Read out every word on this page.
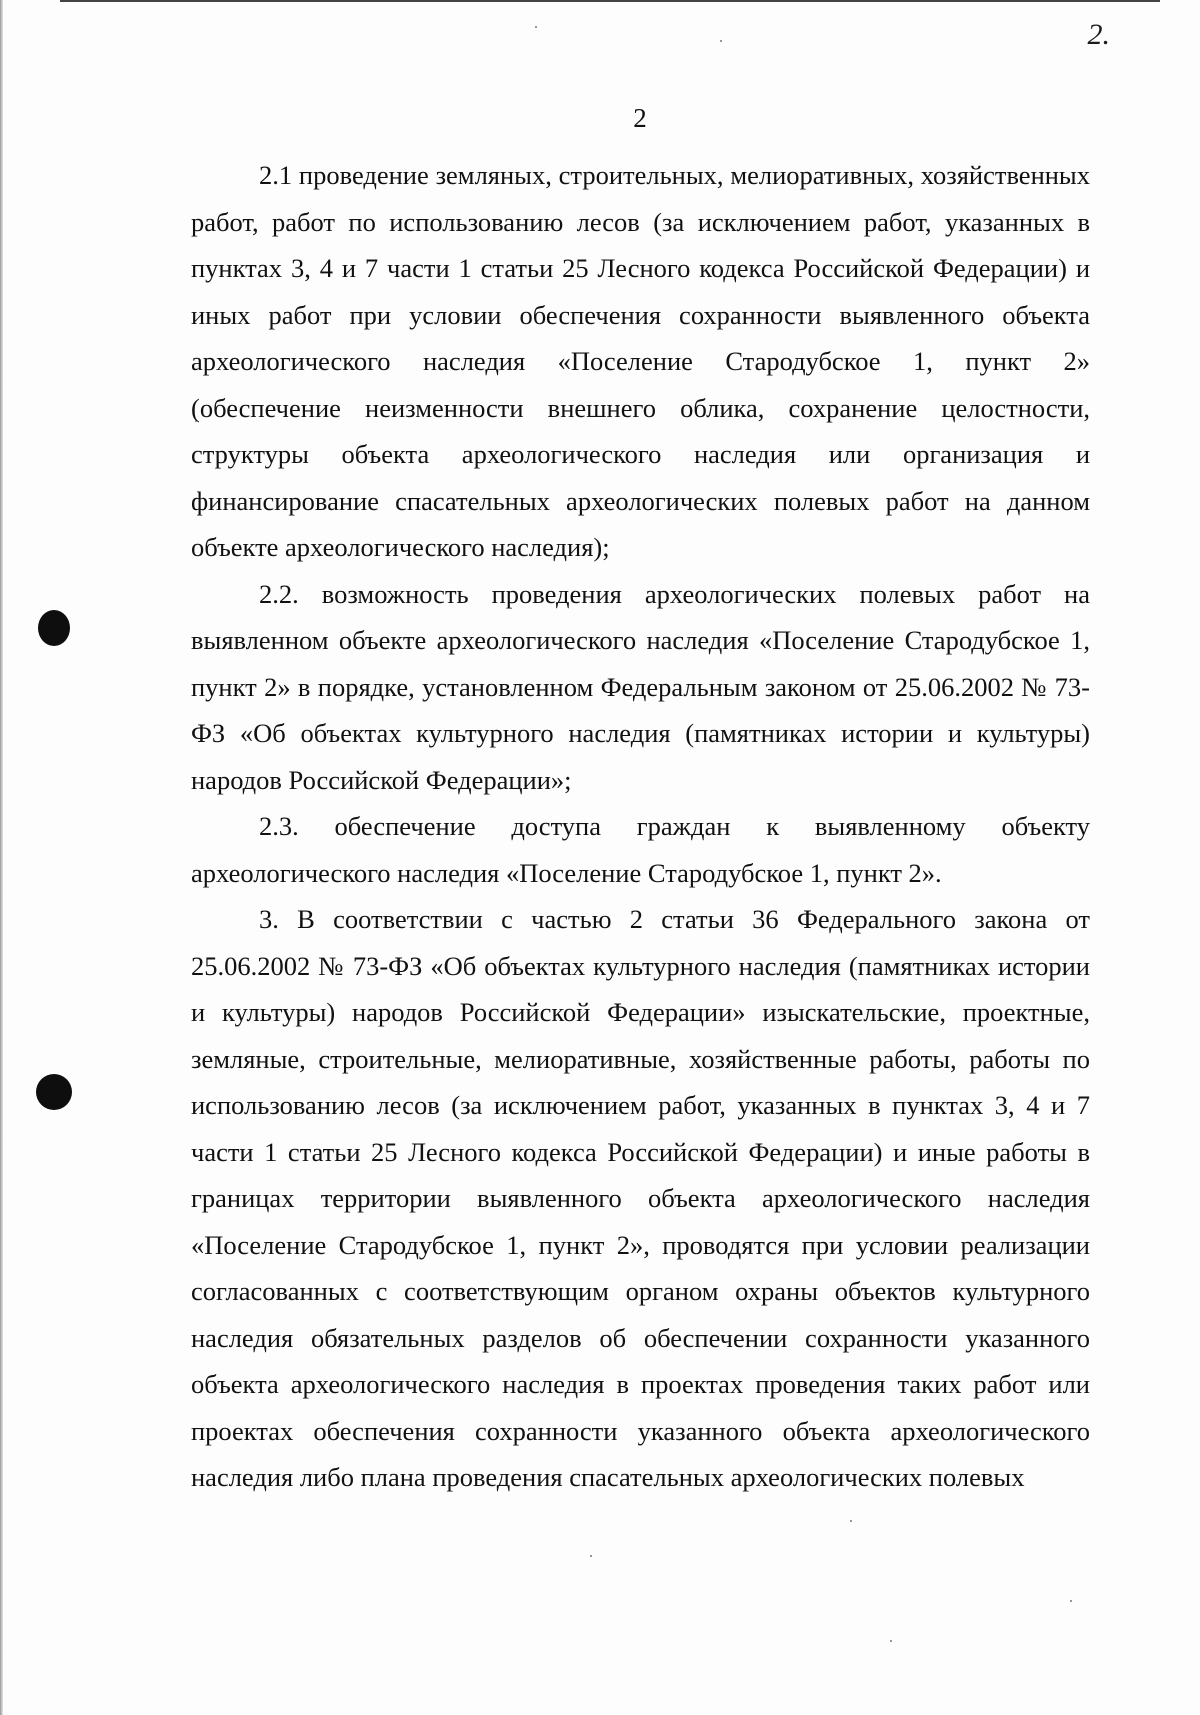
2.
2

2.1 проведение земляных, строительных, мелиоративных, хозяйственных работ, работ по использованию лесов (за исключением работ, указанных в пунктах 3, 4 и 7 части 1 статьи 25 Лесного кодекса Российской Федерации) и иных работ при условии обеспечения сохранности выявленного объекта археологического наследия «Поселение Стародубское 1, пункт 2» (обеспечение неизменности внешнего облика, сохранение целостности, структуры объекта археологического наследия или организация и финансирование спасательных археологических полевых работ на данном объекте археологического наследия);

2.2. возможность проведения археологических полевых работ на выявленном объекте археологического наследия «Поселение Стародубское 1, пункт 2» в порядке, установленном Федеральным законом от 25.06.2002 № 73-ФЗ «Об объектах культурного наследия (памятниках истории и культуры) народов Российской Федерации»;

2.3. обеспечение доступа граждан к выявленному объекту археологического наследия «Поселение Стародубское 1, пункт 2».

3. В соответствии с частью 2 статьи 36 Федерального закона от 25.06.2002 № 73-ФЗ «Об объектах культурного наследия (памятниках истории и культуры) народов Российской Федерации» изыскательские, проектные, земляные, строительные, мелиоративные, хозяйственные работы, работы по использованию лесов (за исключением работ, указанных в пунктах 3, 4 и 7 части 1 статьи 25 Лесного кодекса Российской Федерации) и иные работы в границах территории выявленного объекта археологического наследия «Поселение Стародубское 1, пункт 2», проводятся при условии реализации согласованных с соответствующим органом охраны объектов культурного наследия обязательных разделов об обеспечении сохранности указанного объекта археологического наследия в проектах проведения таких работ или проектах обеспечения сохранности указанного объекта археологического наследия либо плана проведения спасательных археологических полевых
